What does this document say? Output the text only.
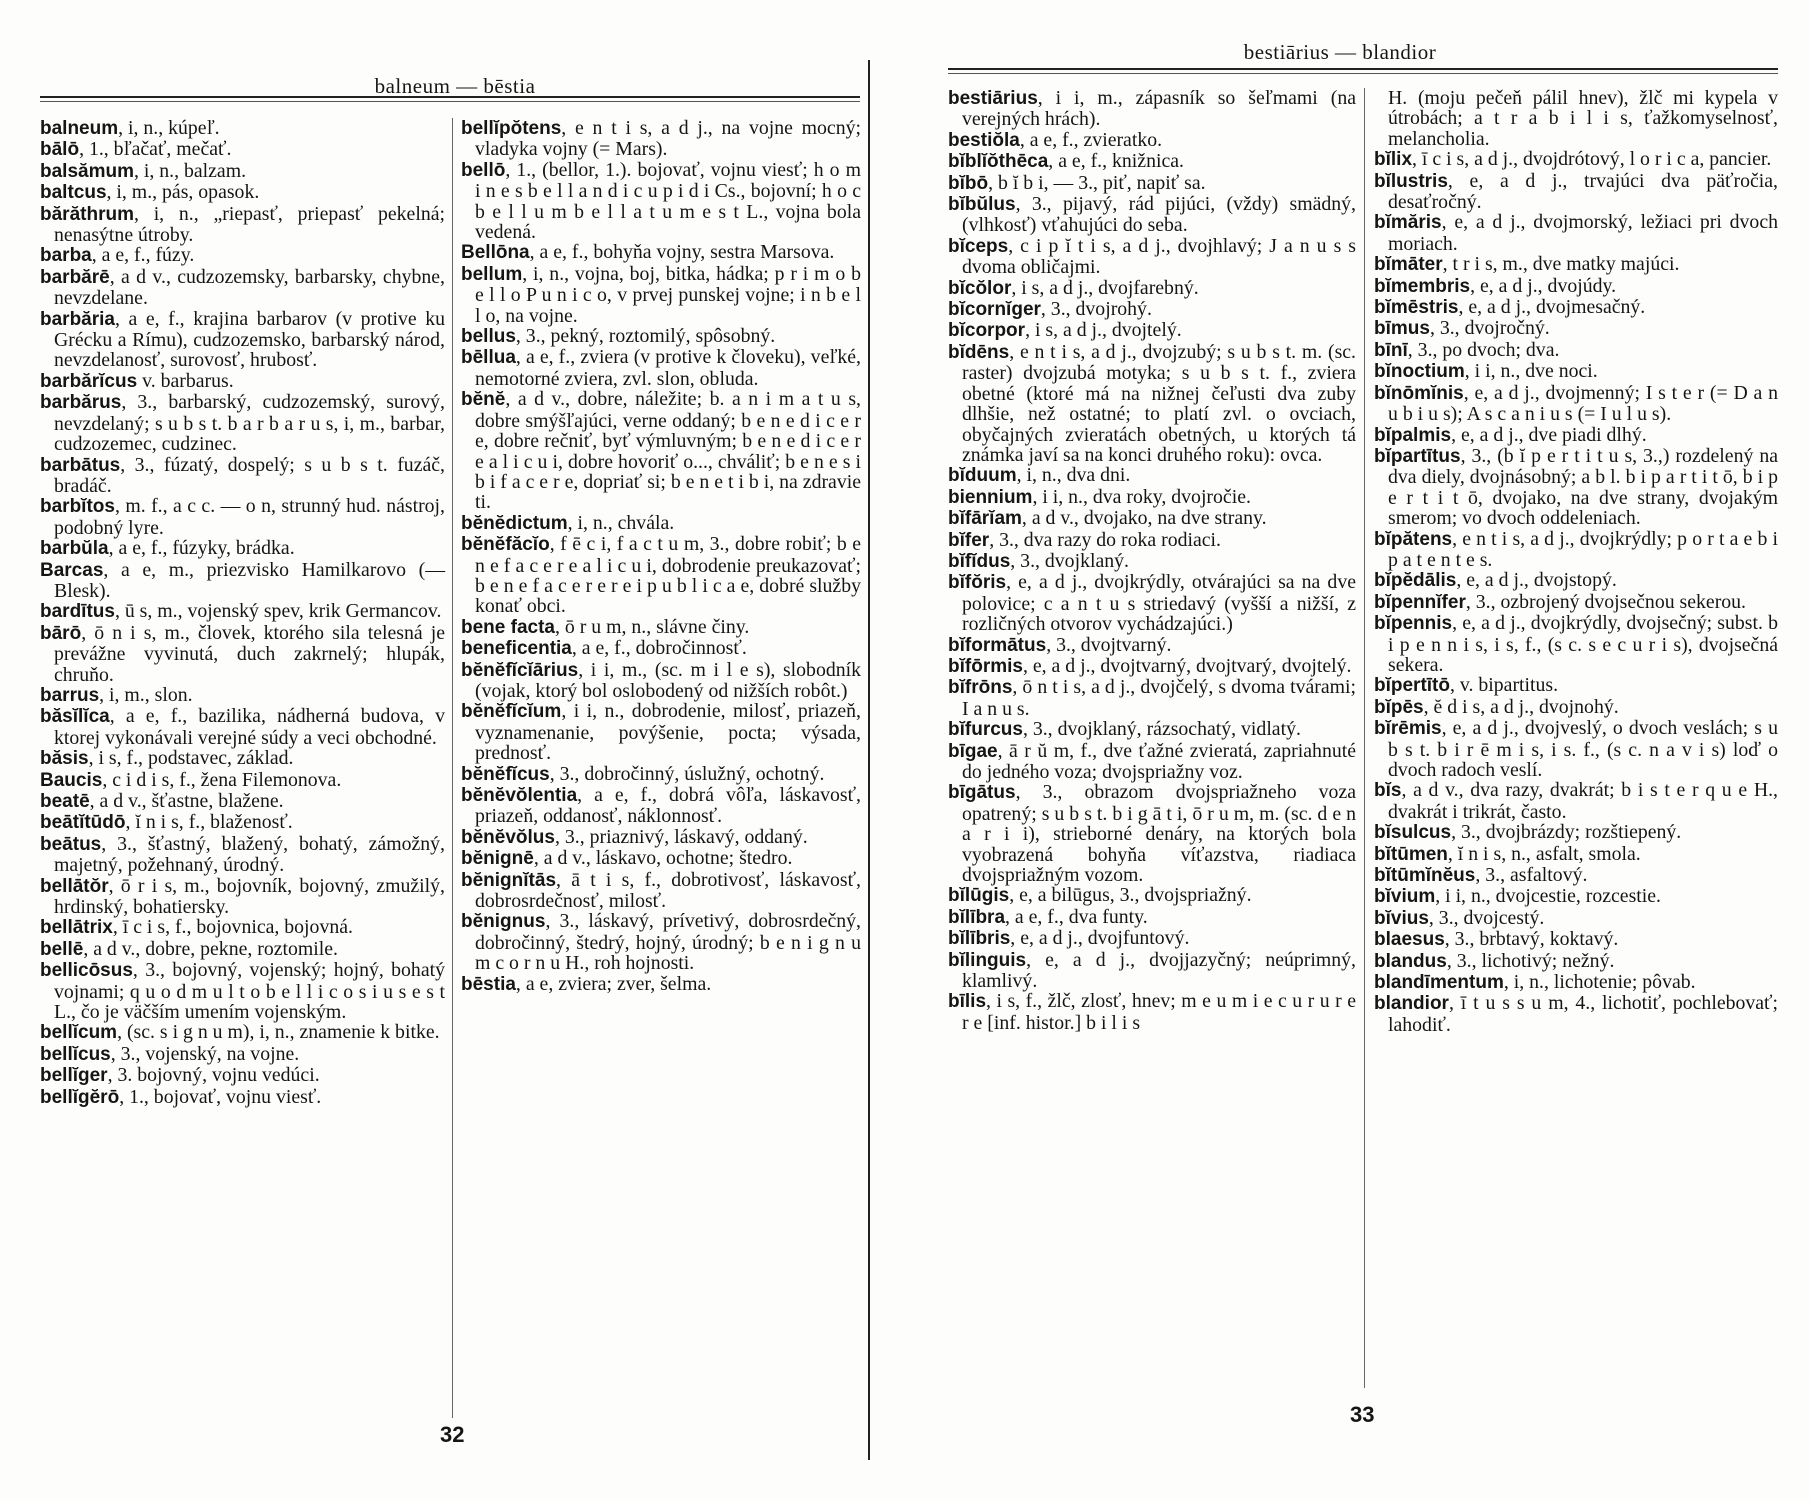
balneum — bēstia

balneum, i, n., kúpeľ.

bālō, 1., bľačať, mečať.

balsămum, i, n., balzam.

baltcus, i, m., pás, opasok.

bărăthrum, i, n., „riepasť, priepasť pekelná; nenasýtne útroby.

barba, a e, f., fúzy.

barbărē, a d v., cudzozemsky, barbarsky, chybne, nevzdelane.

barbăria, a e, f., krajina barbarov (v protive ku Grécku a Rímu), cudzozemsko, barbarský národ, nevzdelanosť, surovosť, hrubosť.

barbărĭcus v. barbarus.

barbărus, 3., barbarský, cudzozemský, surový, nevzdelaný; s u b s t. b a r b a r u s, i, m., barbar, cudzozemec, cudzinec.

barbātus, 3., fúzatý, dospelý; s u b s t. fuzáč, bradáč.

barbĭtos, m. f., a c c. — o n, strunný hud. nástroj, podobný lyre.

barbŭla, a e, f., fúzyky, brádka.

Barcas, a e, m., priezvisko Hamilkarovo (— Blesk).

bardītus, ū s, m., vojenský spev, krik Germancov.

bārō, ō n i s, m., človek, ktorého sila telesná je prevážne vyvinutá, duch zakrnelý; hlupák, chruňo.

barrus, i, m., slon.

băsĭlĭca, a e, f., bazilika, nádherná budova, v ktorej vykonávali verejné súdy a veci obchodné.

băsis, i s, f., podstavec, základ.

Baucis, c i d i s, f., žena Filemonova.

beatē, a d v., šťastne, blažene.

beātĭtūdō, ĭ n i s, f., blaženosť.

beātus, 3., šťastný, blažený, bohatý, zámožný, majetný, požehnaný, úrodný.

bellātŏr, ō r i s, m., bojovník, bojovný, zmužilý, hrdinský, bohatiersky.

bellātrix, ī c i s, f., bojovnica, bojovná.

bellē, a d v., dobre, pekne, roztomile.

bellicōsus, 3., bojovný, vojenský; hojný, bohatý vojnami; q u o d m u l t o b e l l i c o s i u s e s t L., čo je väčším umením vojenským.

bellĭcum, (sc. s i g n u m), i, n., znamenie k bitke.

bellĭcus, 3., vojenský, na vojne.

bellĭger, 3. bojovný, vojnu vedúci.

bellĭgĕrō, 1., bojovať, vojnu viesť.

bellĭpŏtens, e n t i s, a d j., na vojne mocný; vladyka vojny (= Mars).

bellō, 1., (bellor, 1.). bojovať, vojnu viesť; h o m i n e s b e l l a n d i c u p i d i Cs., bojovní; h o c b e l l u m b e l l a t u m e s t L., vojna bola vedená.

Bellōna, a e, f., bohyňa vojny, sestra Marsova.

bellum, i, n., vojna, boj, bitka, hádka; p r i m o b e l l o P u n i c o, v prvej punskej vojne; i n b e l l o, na vojne.

bellus, 3., pekný, roztomilý, spôsobný.

bēllua, a e, f., zviera (v protive k človeku), veľké, nemotorné zviera, zvl. slon, obluda.

bĕnĕ, a d v., dobre, náležite; b. a n i m a t u s, dobre smýšľajúci, verne oddaný; b e n e d i c e r e, dobre rečniť, byť výmluvným; b e n e d i c e r e a l i c u i, dobre hovoriť o..., chváliť; b e n e s i b i f a c e r e, dopriať si; b e n e t i b i, na zdravie ti.

bĕnĕdictum, i, n., chvála.

bĕnĕfăcĭo, f ē c i, f a c t u m, 3., dobre robiť; b e n e f a c e r e a l i c u i, dobrodenie preukazovať; b e n e f a c e r e r e i p u b l i c a e, dobré služby konať obci.

bene facta, ō r u m, n., slávne činy.

beneficentia, a e, f., dobročinnosť.

bĕnĕfĭcĭārius, i i, m., (sc. m i l e s), slobodník (vojak, ktorý bol oslobodený od nižších robôt.)

bĕnĕfĭcĭum, i i, n., dobrodenie, milosť, priazeň, vyznamenanie, povýšenie, pocta; výsada, prednosť.

bĕnĕfĭcus, 3., dobročinný, úslužný, ochotný.

bĕnĕvŏlentia, a e, f., dobrá vôľa, láskavosť, priazeň, oddanosť, náklonnosť.

bĕnĕvŏlus, 3., priaznivý, láskavý, oddaný.

bĕnignē, a d v., láskavo, ochotne; štedro.

bĕnignĭtās, ā t i s, f., dobrotivosť, láskavosť, dobrosrdečnosť, milosť.

bĕnignus, 3., láskavý, prívetivý, dobrosrdečný, dobročinný, štedrý, hojný, úrodný; b e n i g n u m c o r n u H., roh hojnosti.

bēstia, a e, zviera; zver, šelma.

32
bestiārius — blandior

bestiārius, i i, m., zápasník so šeľmami (na verejných hrách).

bestiŏla, a e, f., zvieratko.

bĭblĭŏthēca, a e, f., knižnica.

bĭbō, b ĭ b i, — 3., piť, napiť sa.

bĭbŭlus, 3., pijavý, rád pijúci, (vždy) smädný, (vlhkosť) vťahujúci do seba.

bĭceps, c i p ĭ t i s, a d j., dvojhlavý; J a n u s s dvoma obličajmi.

bĭcŏlor, i s, a d j., dvojfarebný.

bĭcornĭger, 3., dvojrohý.

bĭcorpor, i s, a d j., dvojtelý.

bĭdēns, e n t i s, a d j., dvojzubý; s u b s t. m. (sc. raster) dvojzubá motyka; s u b s t. f., zviera obetné (ktoré má na nižnej čeľusti dva zuby dlhšie, než ostatné; to platí zvl. o ovciach, obyčajných zvieratách obetných, u ktorých tá známka javí sa na konci druhého roku): ovca.

bĭduum, i, n., dva dni.

biennium, i i, n., dva roky, dvojročie.

bĭfārĭam, a d v., dvojako, na dve strany.

bĭfer, 3., dva razy do roka rodiaci.

bĭfĭdus, 3., dvojklaný.

bĭfŏris, e, a d j., dvojkrýdly, otvárajúci sa na dve polovice; c a n t u s striedavý (vyšší a nižší, z rozličných otvorov vychádzajúci.)

bĭformātus, 3., dvojtvarný.

bĭfōrmis, e, a d j., dvojtvarný, dvojtvarý, dvojtelý.

bĭfrōns, ō n t i s, a d j., dvojčelý, s dvoma tvárami; I a n u s.

bĭfurcus, 3., dvojklaný, rázsochatý, vidlatý.

bīgae, ā r ŭ m, f., dve ťažné zvieratá, zapriahnuté do jedného voza; dvojspriažny voz.

bīgātus, 3., obrazom dvojspriažneho voza opatrený; s u b s t. b i g ā t i, ō r u m, m. (sc. d e n a r i i), strieborné denáry, na ktorých bola vyobrazená bohyňa víťazstva, riadiaca dvojspriažným vozom.

bĭlūgis, e, a bilūgus, 3., dvojspriažný.

bĭlībra, a e, f., dva funty.

bĭlībris, e, a d j., dvojfuntový.

bĭlinguis, e, a d j., dvojjazyčný; neúprimný, klamlivý.

bīlis, i s, f., žlč, zlosť, hnev; m e u m i e c u r u r e r e [inf. histor.] b i l i s

H. (moju pečeň pálil hnev), žlč mi kypela v útrobách; a t r a b i l i s, ťažkomyselnosť, melancholia.

bĭlix, ī c i s, a d j., dvojdrótový, l o r i c a, pancier.

bĭlustris, e, a d j., trvajúci dva päťročia, desaťročný.

bĭmăris, e, a d j., dvojmorský, ležiaci pri dvoch moriach.

bĭmāter, t r i s, m., dve matky majúci.

bĭmembris, e, a d j., dvojúdy.

bĭmēstris, e, a d j., dvojmesačný.

bīmus, 3., dvojročný.

bīnī, 3., po dvoch; dva.

bĭnoctium, i i, n., dve noci.

bĭnōmĭnis, e, a d j., dvojmenný; I s t e r (= D a n u b i u s); A s c a n i u s (= I u l u s).

bĭpalmis, e, a d j., dve piadi dlhý.

bĭpartītus, 3., (b ĭ p e r t i t u s, 3.,) rozdelený na dva diely, dvojnásobný; a b l. b i p a r t i t ō, b i p e r t i t ō, dvojako, na dve strany, dvojakým smerom; vo dvoch oddeleniach.

bĭpătens, e n t i s, a d j., dvojkrýdly; p o r t a e b i p a t e n t e s.

bĭpĕdālis, e, a d j., dvojstopý.

bĭpennĭfer, 3., ozbrojený dvojsečnou sekerou.

bĭpennis, e, a d j., dvojkrýdly, dvojsečný; subst. b i p e n n i s, i s, f., (s c. s e c u r i s), dvojsečná sekera.

bĭpertītō, v. bipartitus.

bĭpēs, ĕ d i s, a d j., dvojnohý.

bĭrēmis, e, a d j., dvojveslý, o dvoch veslách; s u b s t. b i r ē m i s, i s. f., (s c. n a v i s) loď o dvoch radoch veslí.

bĭs, a d v., dva razy, dvakrát; b i s t e r q u e H., dvakrát i trikrát, často.

bĭsulcus, 3., dvojbrázdy; rozštiepený.

bĭtūmen, ĭ n i s, n., asfalt, smola.

bĭtūmĭnĕus, 3., asfaltový.

bĭvium, i i, n., dvojcestie, rozcestie.

bĭvius, 3., dvojcestý.

blaesus, 3., brbtavý, koktavý.

blandus, 3., lichotivý; nežný.

blandīmentum, i, n., lichotenie; pôvab.

blandior, ī t u s s u m, 4., lichotiť, pochlebovať; lahodiť.

33
